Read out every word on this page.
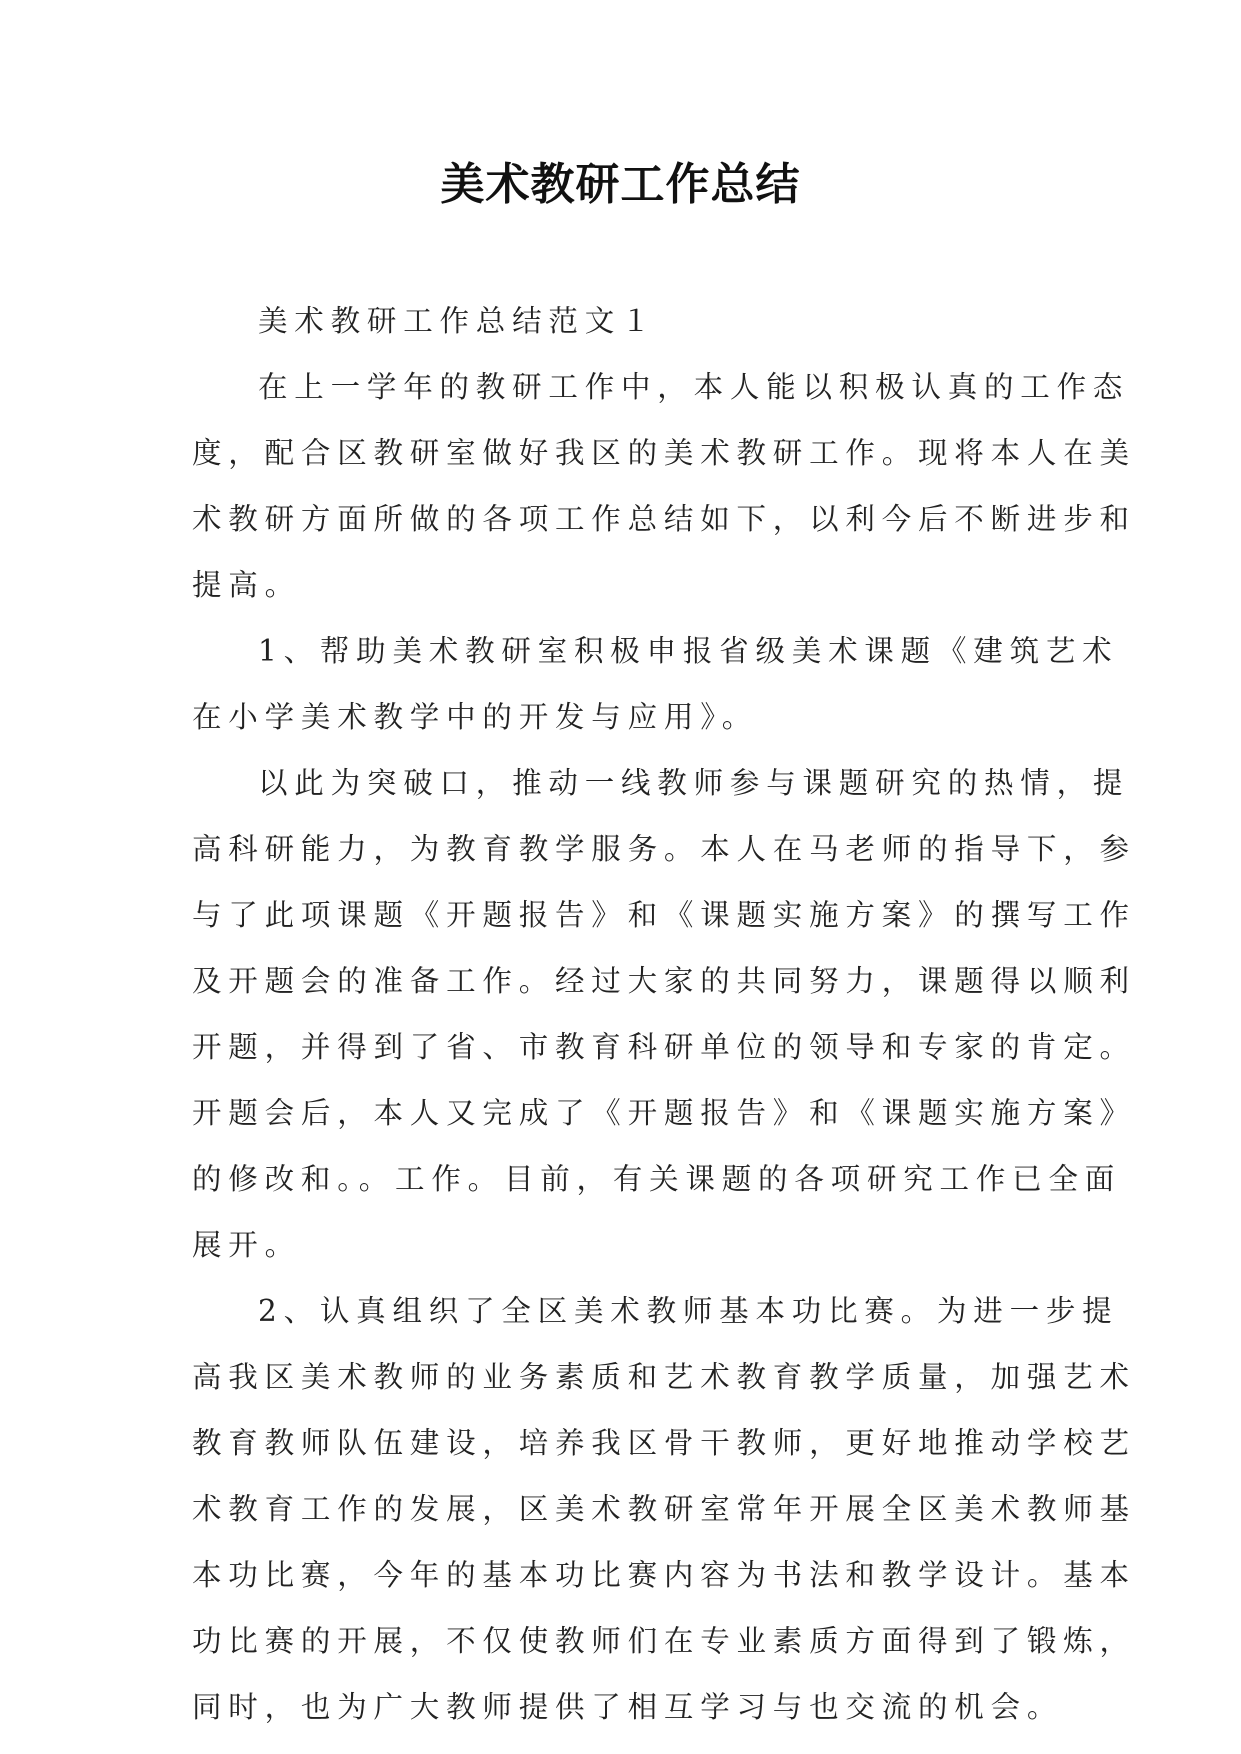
美术教研工作总结
美术教研工作总结范文１
在上一学年的教研工作中，本人能以积极认真的工作态
度，配合区教研室做好我区的美术教研工作。现将本人在美
术教研方面所做的各项工作总结如下，以利今后不断进步和
提高。
1、帮助美术教研室积极申报省级美术课题《建筑艺术
在小学美术教学中的开发与应用》。
以此为突破口，推动一线教师参与课题研究的热情，提
高科研能力，为教育教学服务。本人在马老师的指导下，参
与了此项课题《开题报告》和《课题实施方案》的撰写工作
及开题会的准备工作。经过大家的共同努力，课题得以顺利
开题，并得到了省、市教育科研单位的领导和专家的肯定。
开题会后，本人又完成了《开题报告》和《课题实施方案》
的修改和。。工作。目前，有关课题的各项研究工作已全面
展开。
2、认真组织了全区美术教师基本功比赛。为进一步提
高我区美术教师的业务素质和艺术教育教学质量，加强艺术
教育教师队伍建设，培养我区骨干教师，更好地推动学校艺
术教育工作的发展，区美术教研室常年开展全区美术教师基
本功比赛，今年的基本功比赛内容为书法和教学设计。基本
功比赛的开展，不仅使教师们在专业素质方面得到了锻炼，
同时，也为广大教师提供了相互学习与也交流的机会。
